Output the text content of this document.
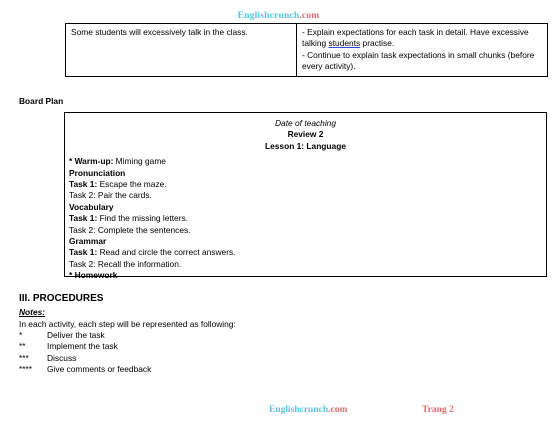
Englishcrunch.com
Some students will excessively talk in the class.	- Explain expectations for each task in detail. Have excessive talking students practise.
- Continue to explain task expectations in small chunks (before every activity).
Board Plan
Date of teaching
Review 2
Lesson 1: Language
* Warm-up: Miming game
Pronunciation
Task 1: Escape the maze.
Task 2: Pair the cards.
Vocabulary
Task 1: Find the missing letters.
Task 2: Complete the sentences.
Grammar
Task 1: Read and circle the correct answers.
Task 2: Recall the information.
* Homework
III. PROCEDURES
Notes:
In each activity, each step will be represented as following:
*	Deliver the task
**	Implement the task
***	Discuss
****	Give comments or feedback
Englishcrunch.com	Trang 2
